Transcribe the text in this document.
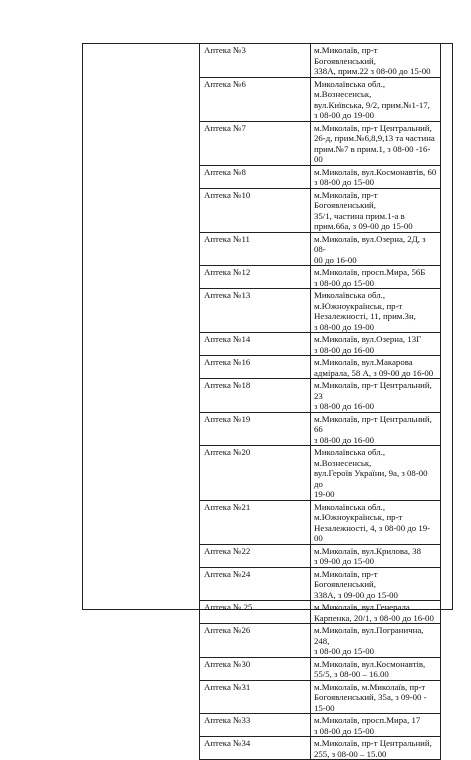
Аптека №3	м.Миколаїв, пр-т Богоявленський,
338А, прим.22 з 08-00 до 15-00
Аптека №6	Миколаївська обл., м.Вознесенськ,
вул.Київська, 9/2, прим.№1-17,
з 08-00 до 19-00
Аптека №7	м.Миколаїв, пр-т Центральний,
26-д, прим.№6,8,9,13 та частина
прим.№7 в прим.1, з 08-00 -16-00
Аптека №8	м.Миколаїв, вул.Космонавтів, 60
з 08-00 до 15-00
Аптека №10	м.Миколаїв, пр-т Богоявленський,
35/1, частина прим.1-а в
прим.66а, з 09-00 до 15-00
Аптека №11	м.Миколаїв, вул.Озерна, 2Д, з 08-
00 до 16-00
Аптека №12	м.Миколаїв, просп.Мира, 56Б
з 08-00 до 15-00
Аптека №13	Миколаївська обл.,
м.Южноукраїнськ, пр-т
Незалежності, 11, прим.3н,
з 08-00 до 19-00
Аптека №14	м.Миколаїв, вул.Озерна, 13Г
з 08-00 до 16-00
Аптека №16	м.Миколаїв, вул.Макарова
адмірала, 58 А, з 09-00 до 16-00
Аптека №18	м.Миколаїв, пр-т Центральний, 23
з 08-00 до 16-00
Аптека №19	м.Миколаїв, пр-т Центральний, 66
з 08-00 до 16-00
Аптека №20	Миколаївська обл., м.Вознесенськ,
вул.Героїв України, 9а, з 08-00 до
19-00
Аптека №21	Миколаївська обл.,
м.Южноукраїнськ, пр-т
Незалежності, 4, з 08-00 до 19-00
Аптека №22	м.Миколаїв, вул.Крилова, 38
з 09-00 до 15-00
Аптека №24	м.Миколаїв, пр-т Богоявленський,
338А, з 09-00 до 15-00
Аптека № 25	м.Миколаїв, вул.Генерала
Карпенка, 20/1, з 08-00 до 16-00
Аптека №26	м.Миколаїв, вул.Погранична, 248,
з 08-00 до 15-00
Аптека №30	м.Миколаїв, вул.Космонавтів,
55/5, з 08-00 – 16.00
Аптека №31	м.Миколаїв, м.Миколаїв, пр-т
Богоявленський, 35а, з 09-00 - 15-00
Аптека №33	м.Миколаїв, просп.Мира, 17
з 08-00 до 15-00
Аптека №34	м.Миколаїв, пр-т Центральний,
255, з 08-00 – 15.00
